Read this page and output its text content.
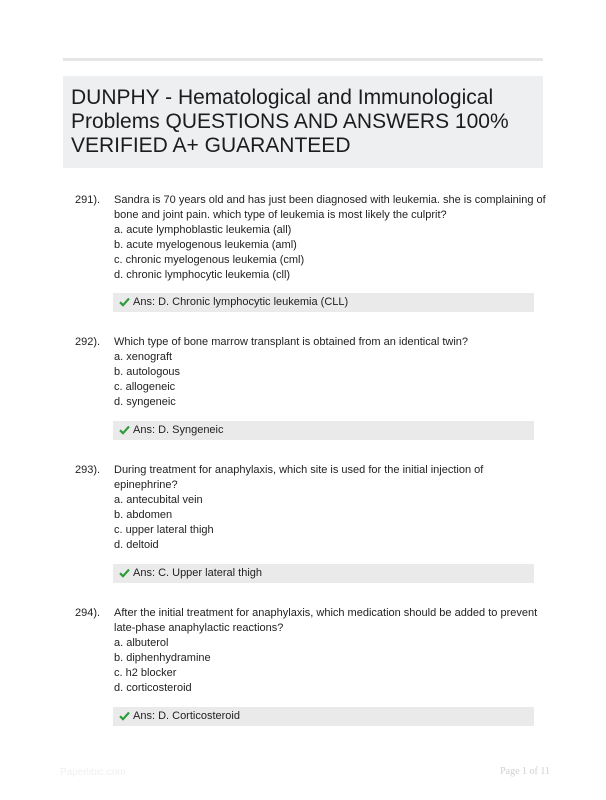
DUNPHY - Hematological and Immunological
Problems QUESTIONS AND ANSWERS 100%
VERIFIED A+ GUARANTEED
291). Sandra is 70 years old and has just been diagnosed with leukemia. she is complaining of
bone and joint pain. which type of leukemia is most likely the culprit?
a. acute lymphoblastic leukemia (all)
b. acute myelogenous leukemia (aml)
c. chronic myelogenous leukemia (cml)
d. chronic lymphocytic leukemia (cll)
Ans: D. Chronic lymphocytic leukemia (CLL)
292). Which type of bone marrow transplant is obtained from an identical twin?
a. xenograft
b. autologous
c. allogeneic
d. syngeneic
Ans: D. Syngeneic
293). During treatment for anaphylaxis, which site is used for the initial injection of
epinephrine?
a. antecubital vein
b. abdomen
c. upper lateral thigh
d. deltoid
Ans: C. Upper lateral thigh
294). After the initial treatment for anaphylaxis, which medication should be added to prevent
late-phase anaphylactic reactions?
a. albuterol
b. diphenhydramine
c. h2 blocker
d. corticosteroid
Ans: D. Corticosteroid
Paperlibic.com	Page 1 of 11
